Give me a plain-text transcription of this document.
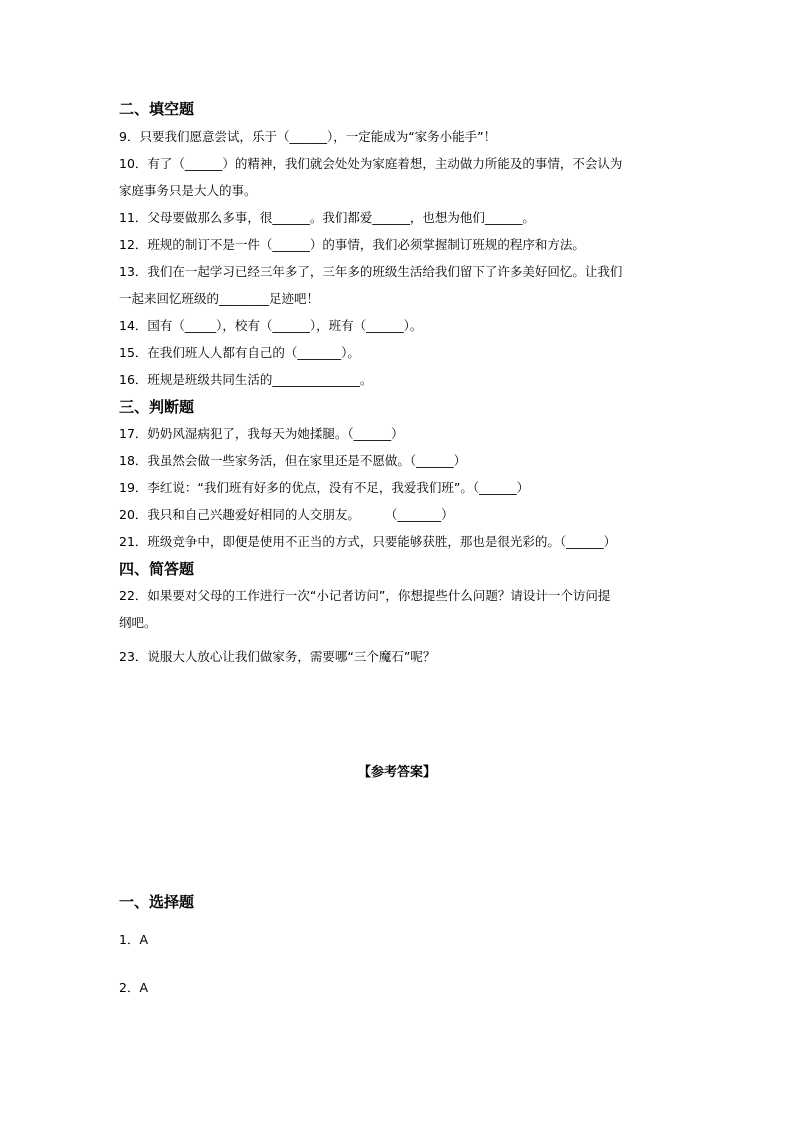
二、填空题
9．只要我们愿意尝试，乐于（______），一定能成为“家务小能手”！
10．有了（______）的精神，我们就会处处为家庭着想，主动做力所能及的事情，不会认为
家庭事务只是大人的事。
11．父母要做那么多事，很______。我们都爱______，也想为他们______。
12．班规的制订不是一件（______）的事情，我们必须掌握制订班规的程序和方法。
13．我们在一起学习已经三年多了，三年多的班级生活给我们留下了许多美好回忆。让我们
一起来回忆班级的________足迹吧！
14．国有（_____），校有（______），班有（______）。
15．在我们班人人都有自己的（_______）。
16．班规是班级共同生活的______________。
三、判断题
17．奶奶风湿病犯了，我每天为她揉腿。（______）
18．我虽然会做一些家务活，但在家里还是不愿做。（______）
19．李红说：“我们班有好多的优点，没有不足，我爱我们班”。（______）
20．我只和自己兴趣爱好相同的人交朋友。　　　（_______）
21．班级竞争中，即便是使用不正当的方式，只要能够获胜，那也是很光彩的。（______）
四、简答题
22．如果要对父母的工作进行一次“小记者访问”，你想提些什么问题？请设计一个访问提
纲吧。
23．说服大人放心让我们做家务，需要哪“三个魔石”呢？
【参考答案】
一、选择题
1．A
2．A
